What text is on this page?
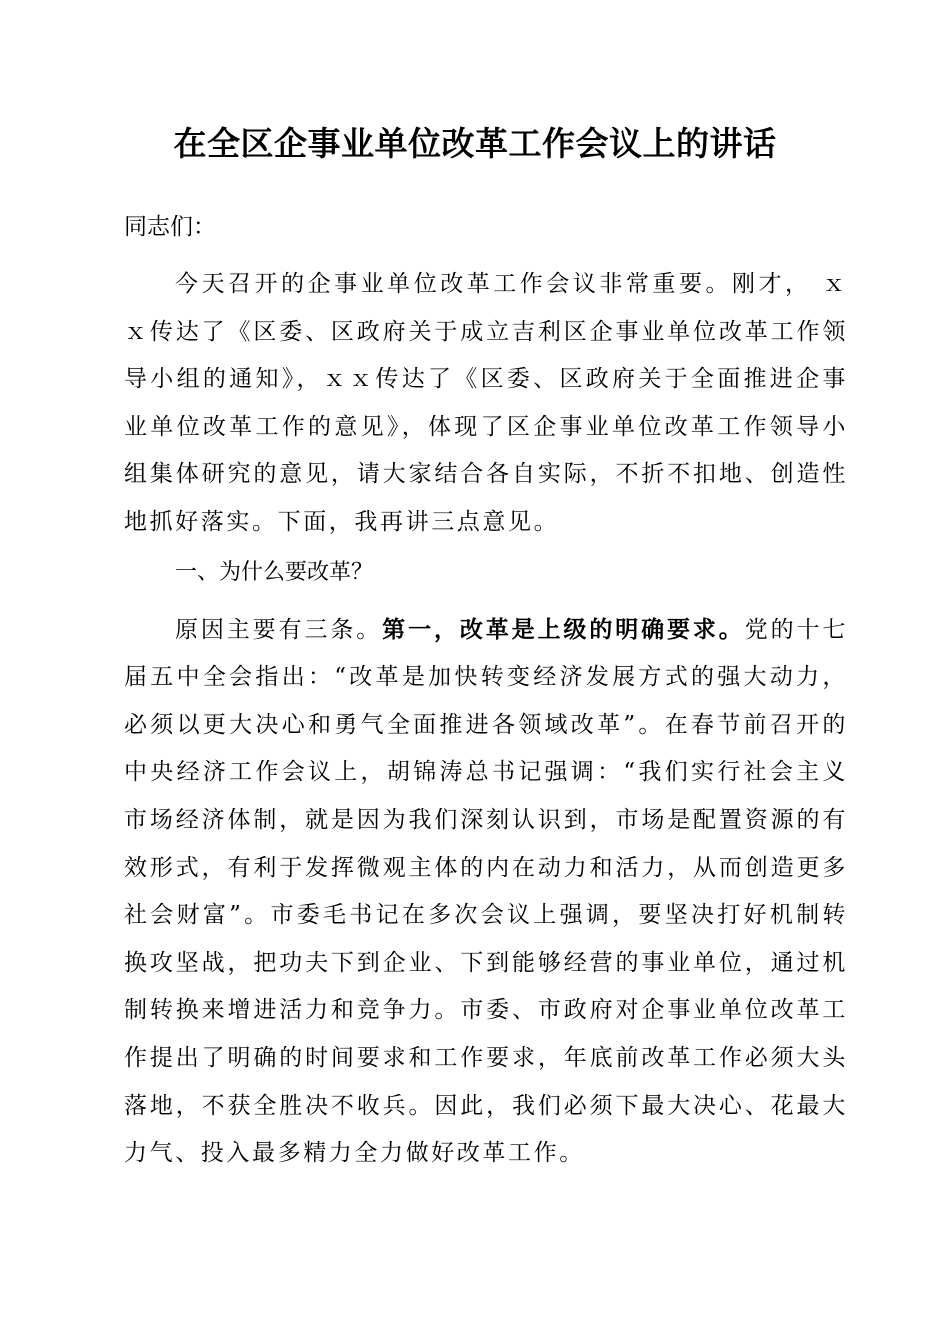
在全区企事业单位改革工作会议上的讲话

同志们：

今天召开的企事业单位改革工作会议非常重要。刚才， ｘｘ传达了《区委、区政府关于成立吉利区企事业单位改革工作领导小组的通知》，ｘｘ传达了《区委、区政府关于全面推进企事业单位改革工作的意见》，体现了区企事业单位改革工作领导小组集体研究的意见，请大家结合各自实际，不折不扣地、创造性地抓好落实。下面，我再讲三点意见。

一、为什么要改革？

原因主要有三条。第一，改革是上级的明确要求。党的十七届五中全会指出：“改革是加快转变经济发展方式的强大动力，必须以更大决心和勇气全面推进各领域改革”。在春节前召开的中央经济工作会议上，胡锦涛总书记强调：“我们实行社会主义市场经济体制，就是因为我们深刻认识到，市场是配置资源的有效形式，有利于发挥微观主体的内在动力和活力，从而创造更多社会财富”。市委毛书记在多次会议上强调，要坚决打好机制转换攻坚战，把功夫下到企业、下到能够经营的事业单位，通过机制转换来增进活力和竞争力。市委、市政府对企事业单位改革工作提出了明确的时间要求和工作要求，年底前改革工作必须大头落地，不获全胜决不收兵。因此，我们必须下最大决心、花最大力气、投入最多精力全力做好改革工作。
